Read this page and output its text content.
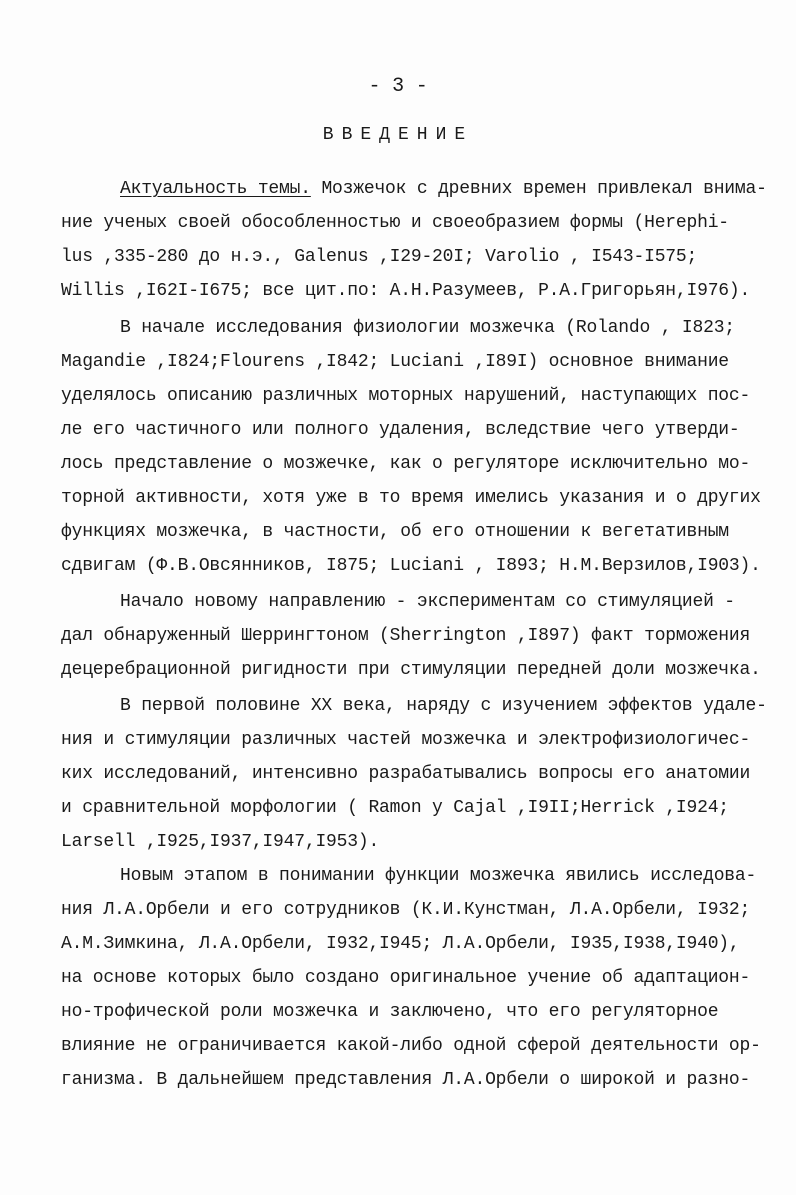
- 3 -
ВВЕДЕНИЕ
Актуальность темы. Мозжечок с древних времен привлекал внима-
ние ученых своей обособленностью и своеобразием формы (Herephi-
lus ,335-280 до н.э., Galenus ,I29-20I; Varolio , I543-I575;
Willis ,I62I-I675; все цит.по: А.Н.Разумеев, Р.А.Григорьян,I976).
В начале исследования физиологии мозжечка (Rolando , I823;
Magandie ,I824;Flourens ,I842; Luciani ,I89I) основное внимание
уделялось описанию различных моторных нарушений, наступающих пос-
ле его частичного или полного удаления, вследствие чего утверди-
лось представление о мозжечке, как о регуляторе исключительно мо-
торной активности, хотя уже в то время имелись указания и о других
функциях мозжечка, в частности, об его отношении к вегетативным
сдвигам (Ф.В.Овсянников, I875; Luciani , I893; Н.М.Верзилов,I903).
Начало новому направлению - экспериментам со стимуляцией -
дал обнаруженный Шеррингтоном (Sherrington ,I897) факт торможения
децеребрационной ригидности при стимуляции передней доли мозжечка.
В первой половине XX века, наряду с изучением эффектов удале-
ния и стимуляции различных частей мозжечка и электрофизиологичес-
ких исследований, интенсивно разрабатывались вопросы его анатомии
и сравнительной морфологии ( Ramon y Cajal ,I9II;Herrick ,I924;
Larsell ,I925,I937,I947,I953).
Новым этапом в понимании функции мозжечка явились исследова-
ния Л.А.Орбели и его сотрудников (К.И.Кунстман, Л.А.Орбели, I932;
А.М.Зимкина, Л.А.Орбели, I932,I945; Л.А.Орбели, I935,I938,I940),
на основе которых было создано оригинальное учение об адаптацион-
но-трофической роли мозжечка и заключено, что его регуляторное
влияние не ограничивается какой-либо одной сферой деятельности ор-
ганизма. В дальнейшем представления Л.А.Орбели о широкой и разно-
